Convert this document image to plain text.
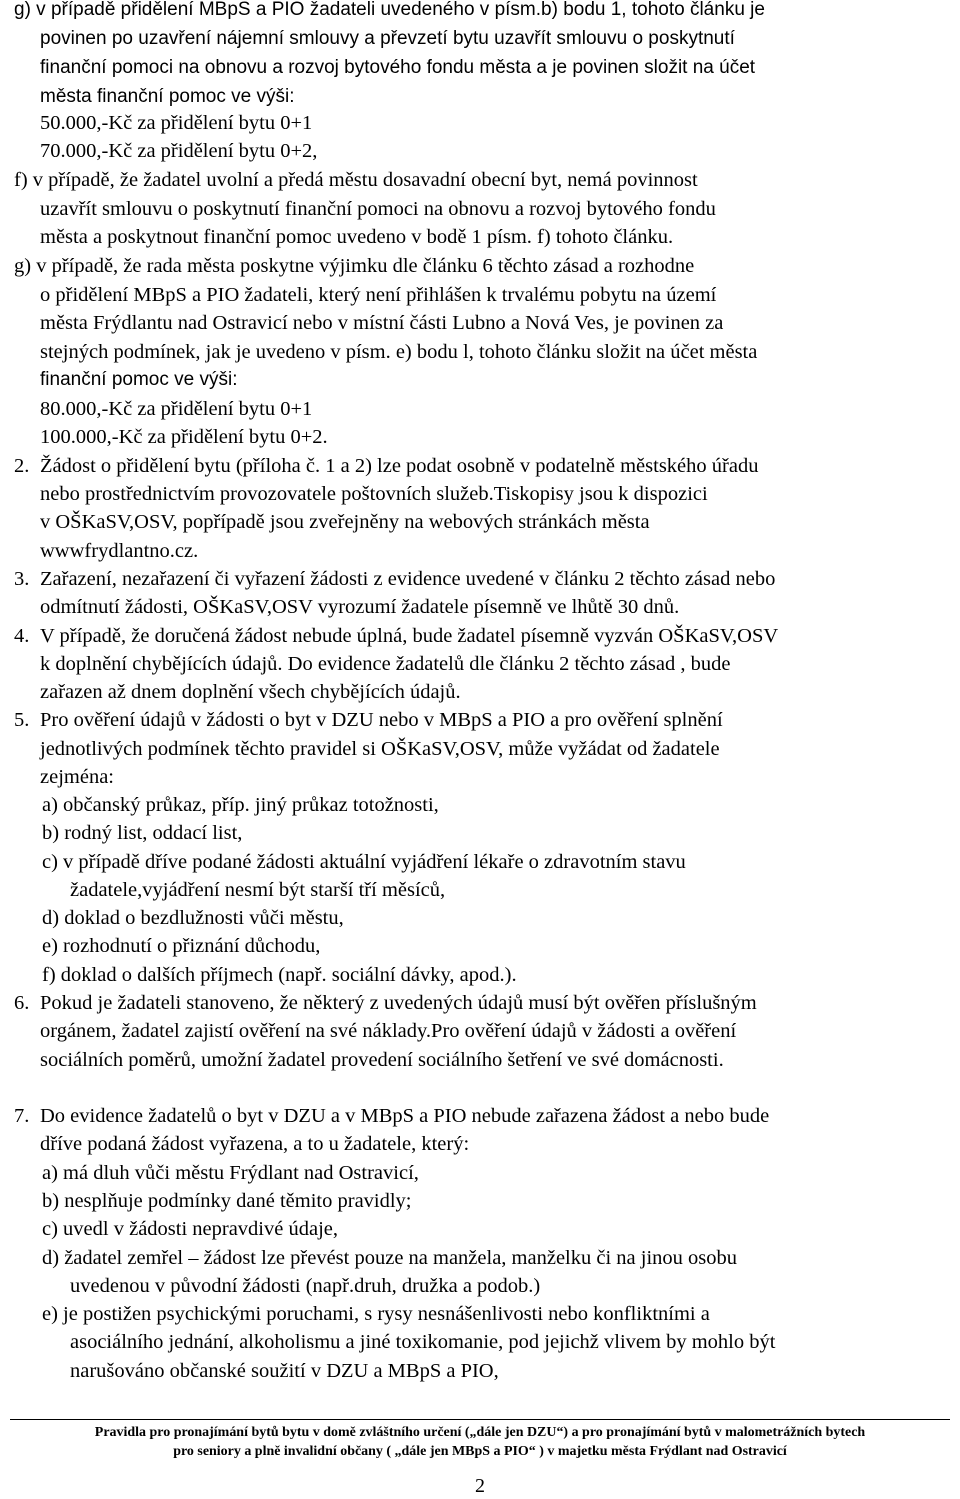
g) v případě přidělení MBpS a PIO žadateli uvedeného v písm.b) bodu 1, tohoto článku je
povinen po uzavření nájemní smlouvy a převzetí bytu uzavřít smlouvu o poskytnutí
finanční pomoci na obnovu a rozvoj bytového fondu města a je povinen složit na účet
města finanční pomoc ve výši:
50.000,-Kč za přidělení bytu 0+1
70.000,-Kč za přidělení bytu 0+2,
f) v případě, že žadatel uvolní a předá městu dosavadní obecní byt, nemá povinnost
uzavřít smlouvu o poskytnutí finanční pomoci na obnovu a rozvoj bytového fondu
města a poskytnout finanční pomoc uvedeno v bodě 1 písm. f) tohoto článku.
g) v případě, že rada města poskytne výjimku dle článku 6 těchto zásad a rozhodne
o přidělení MBpS a PIO žadateli, který není přihlášen k trvalému pobytu na území
města Frýdlantu nad Ostravicí nebo v místní části Lubno a Nová Ves, je povinen za
stejných podmínek, jak je uvedeno v písm. e) bodu l, tohoto článku složit na účet města
finanční pomoc ve výši:
80.000,-Kč za přidělení bytu 0+1
100.000,-Kč za přidělení bytu 0+2.
2. Žádost o přidělení bytu (příloha č. 1 a 2) lze podat osobně v podatelně městského úřadu
nebo prostřednictvím provozovatele poštovních služeb.Tiskopisy jsou k dispozici
v OŠKaSV,OSV, popřípadě jsou zveřejněny na webových stránkách města
wwwfrydlantno.cz.
3. Zařazení, nezařazení či vyřazení žádosti z evidence uvedené v článku 2 těchto zásad nebo
odmítnutí žádosti, OŠKaSV,OSV vyrozumí žadatele písemně ve lhůtě 30 dnů.
4. V případě, že doručená žádost nebude úplná, bude žadatel písemně vyzván OŠKaSV,OSV
k doplnění chybějících údajů. Do evidence žadatelů dle článku 2 těchto zásad , bude
zařazen až dnem doplnění všech chybějících údajů.
5. Pro ověření údajů v žádosti o byt v DZU nebo v MBpS a PIO a pro ověření splnění
jednotlivých podmínek těchto pravidel si OŠKaSV,OSV, může vyžádat od žadatele
zejména:
a) občanský průkaz, příp. jiný průkaz totožnosti,
b) rodný list, oddací list,
c) v případě dříve podané žádosti aktuální vyjádření lékaře o zdravotním stavu
žadatele,vyjádření nesmí být starší tří měsíců,
d) doklad o bezdlužnosti vůči městu,
e) rozhodnutí o přiznání důchodu,
f) doklad o dalších příjmech (např. sociální dávky, apod.).
6. Pokud je žadateli stanoveno, že některý z uvedených údajů musí být ověřen příslušným
orgánem, žadatel zajistí ověření na své náklady.Pro ověření údajů v žádosti a ověření
sociálních poměrů, umožní žadatel provedení sociálního šetření ve své domácnosti.
7. Do evidence žadatelů o byt v DZU a v MBpS a PIO nebude zařazena žádost a nebo bude
dříve podaná žádost vyřazena, a to u žadatele, který:
a) má dluh vůči městu Frýdlant nad Ostravicí,
b) nesplňuje podmínky dané těmito pravidly;
c) uvedl v žádosti nepravdivé údaje,
d) žadatel zemřel – žádost lze převést pouze na manžela, manželku či na jinou osobu
uvedenou v původní žádosti (např.druh, družka a podob.)
e) je postižen psychickými poruchami, s rysy nesnášenlivosti nebo konfliktními a
asociálního jednání, alkoholismu a jiné toxikomanie, pod jejichž vlivem by mohlo být
narušováno občanské soužití v DZU a MBpS a PIO,
Pravidla pro pronajímání bytů bytu v domě zvláštního určení („dále jen DZU“) a pro pronajímání bytů v malometrážních bytech
pro seniory a plně invalidní občany ( „dále jen MBpS a PIO“ ) v majetku města Frýdlant nad Ostravicí
2
